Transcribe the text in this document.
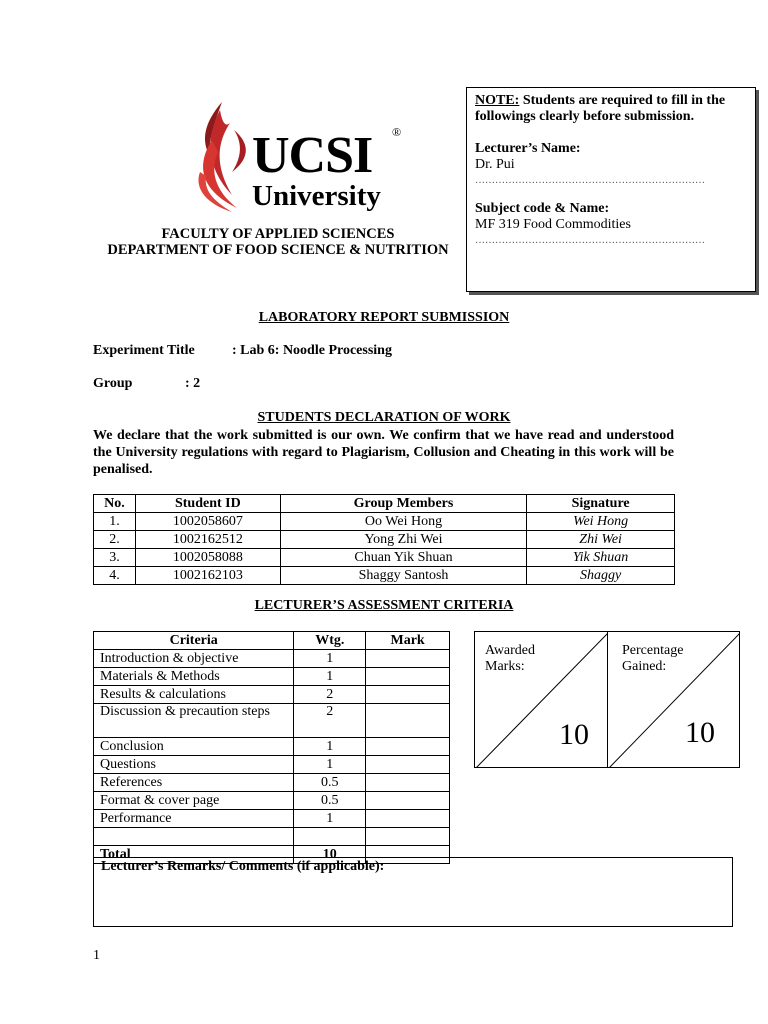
UCSI ®
University
FACULTY OF APPLIED SCIENCES
DEPARTMENT OF FOOD SCIENCE & NUTRITION
NOTE: Students are required to fill in the followings clearly before submission.
Lecturer’s Name:
Dr. Pui
……………………………………………………………
Subject code & Name:
MF 319 Food Commodities
……………………………………………………………
LABORATORY REPORT SUBMISSION
Experiment Title	: Lab 6: Noodle Processing
Group	: 2
STUDENTS DECLARATION OF WORK
We declare that the work submitted is our own. We confirm that we have read and understood the University regulations with regard to Plagiarism, Collusion and Cheating in this work will be penalised.
No.	Student ID	Group Members	Signature
1.	1002058607	Oo Wei Hong	Wei Hong
2.	1002162512	Yong Zhi Wei	Zhi Wei
3.	1002058088	Chuan Yik Shuan	Yik Shuan
4.	1002162103	Shaggy Santosh	Shaggy
LECTURER’S ASSESSMENT CRITERIA
Criteria	Wtg.	Mark
Introduction & objective	1	
Materials & Methods	1	
Results & calculations	2	
Discussion & precaution steps	2	
Conclusion	1	
Questions	1	
References	0.5	
Format & cover page	0.5	
Performance	1	

Total	10	
Awarded
Marks:
10
Percentage
Gained:
10
Lecturer’s Remarks/ Comments (if applicable):
1
